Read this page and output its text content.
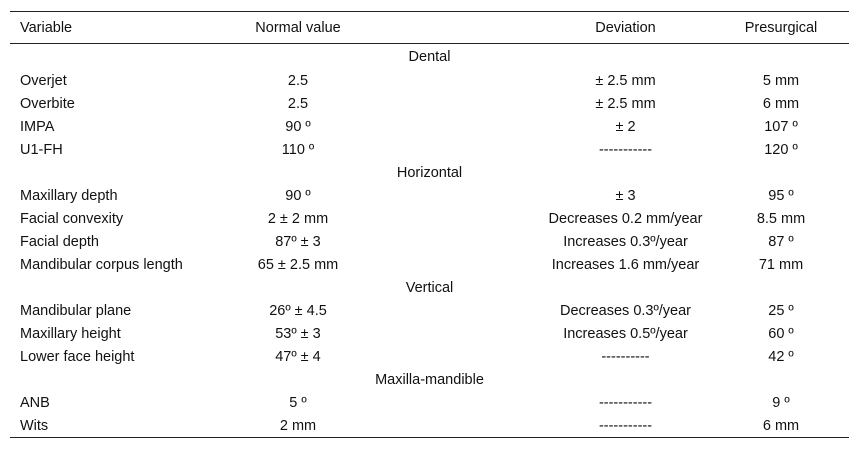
Variable	Normal value		Deviation	Presurgical
Dental				
Overjet	2.5		± 2.5 mm	5 mm
Overbite	2.5		± 2.5 mm	6 mm
IMPA	90 º		± 2	107 º
U1-FH	110 º		-----------	120 º
Horizontal				
Maxillary depth	90 º		± 3	95 º
Facial convexity	2 ± 2 mm		Decreases 0.2 mm/year	8.5 mm
Facial depth	87º ± 3		Increases 0.3º/year	87 º
Mandibular corpus length	65 ± 2.5 mm		Increases 1.6 mm/year	71 mm
Vertical				
Mandibular plane	26º ± 4.5		Decreases 0.3º/year	25 º
Maxillary height	53º ± 3		Increases 0.5º/year	60 º
Lower face height	47º ± 4		----------	42 º
Maxilla-mandible				
ANB	5 º		-----------	9 º
Wits	2 mm		-----------	6 mm
